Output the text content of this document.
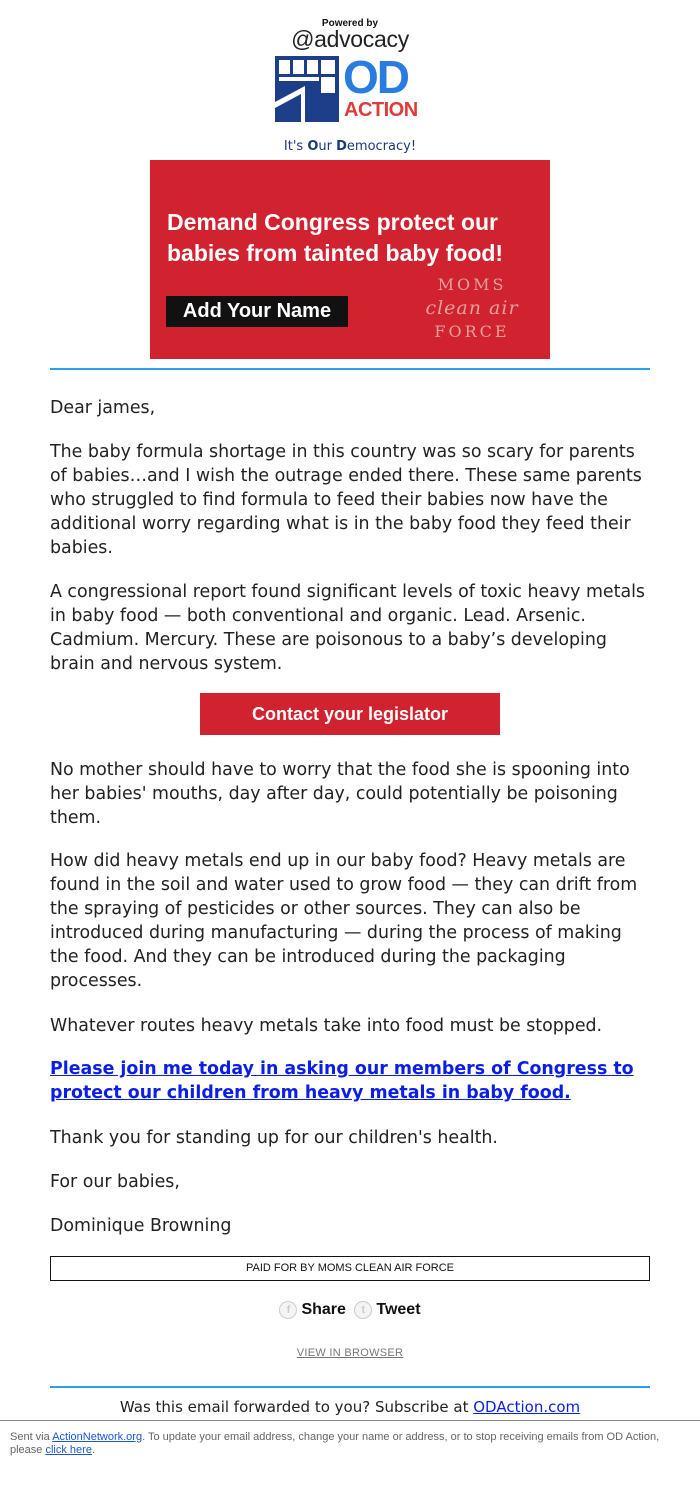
Powered by
@advocacy
OD
ACTION
It's Our Democracy!
Demand Congress protect our
babies from tainted baby food!
Add Your Name
MOMS
clean air
FORCE
Dear james,
The baby formula shortage in this country was so scary for parents of babies…and I wish the outrage ended there. These same parents who struggled to find formula to feed their babies now have the additional worry regarding what is in the baby food they feed their babies.
A congressional report found significant levels of toxic heavy metals in baby food — both conventional and organic. Lead. Arsenic. Cadmium. Mercury. These are poisonous to a baby’s developing brain and nervous system.
Contact your legislator
No mother should have to worry that the food she is spooning into her babies' mouths, day after day, could potentially be poisoning them.
How did heavy metals end up in our baby food? Heavy metals are found in the soil and water used to grow food — they can drift from the spraying of pesticides or other sources. They can also be introduced during manufacturing — during the process of making the food. And they can be introduced during the packaging processes.
Whatever routes heavy metals take into food must be stopped.
Please join me today in asking our members of Congress to protect our children from heavy metals in baby food.
Thank you for standing up for our children's health.
For our babies,
Dominique Browning
PAID FOR BY MOMS CLEAN AIR FORCE
f Share
	t Tweet
VIEW IN BROWSER
Was this email forwarded to you? Subscribe at ODAction.com
Sent via ActionNetwork.org. To update your email address, change your name or address, or to stop receiving emails from OD Action, please click here.
